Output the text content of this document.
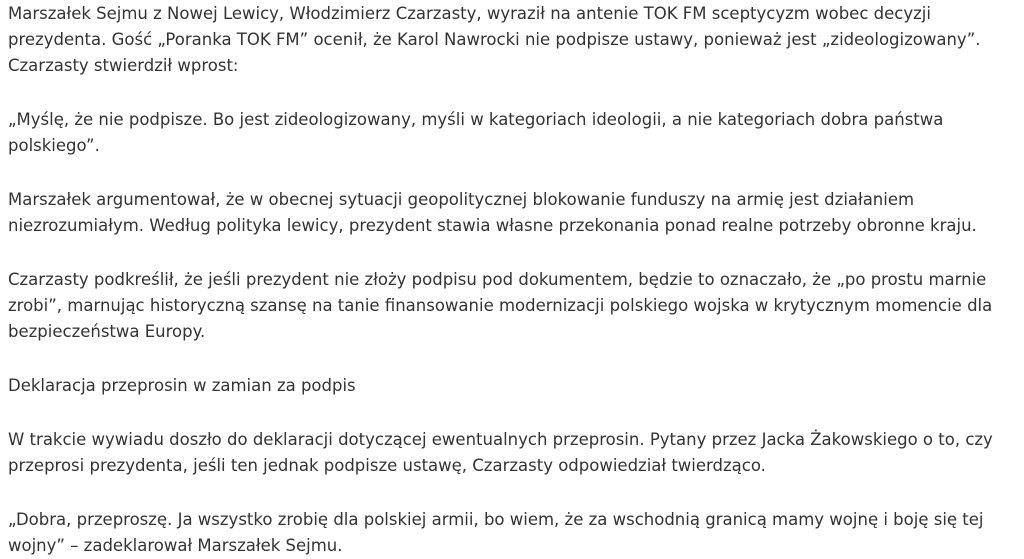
Marszałek Sejmu z Nowej Lewicy, Włodzimierz Czarzasty, wyraził na antenie TOK FM sceptycyzm wobec decyzji prezydenta. Gość „Poranka TOK FM” ocenił, że Karol Nawrocki nie podpisze ustawy, ponieważ jest „zideologizowany”. Czarzasty stwierdził wprost:

„Myślę, że nie podpisze. Bo jest zideologizowany, myśli w kategoriach ideologii, a nie kategoriach dobra państwa polskiego”.

Marszałek argumentował, że w obecnej sytuacji geopolitycznej blokowanie funduszy na armię jest działaniem niezrozumiałym. Według polityka lewicy, prezydent stawia własne przekonania ponad realne potrzeby obronne kraju.

Czarzasty podkreślił, że jeśli prezydent nie złoży podpisu pod dokumentem, będzie to oznaczało, że „po prostu marnie zrobi”, marnując historyczną szansę na tanie finansowanie modernizacji polskiego wojska w krytycznym momencie dla bezpieczeństwa Europy.

Deklaracja przeprosin w zamian za podpis

W trakcie wywiadu doszło do deklaracji dotyczącej ewentualnych przeprosin. Pytany przez Jacka Żakowskiego o to, czy przeprosi prezydenta, jeśli ten jednak podpisze ustawę, Czarzasty odpowiedział twierdząco.

„Dobra, przeproszę. Ja wszystko zrobię dla polskiej armii, bo wiem, że za wschodnią granicą mamy wojnę i boję się tej wojny” – zadeklarował Marszałek Sejmu.
